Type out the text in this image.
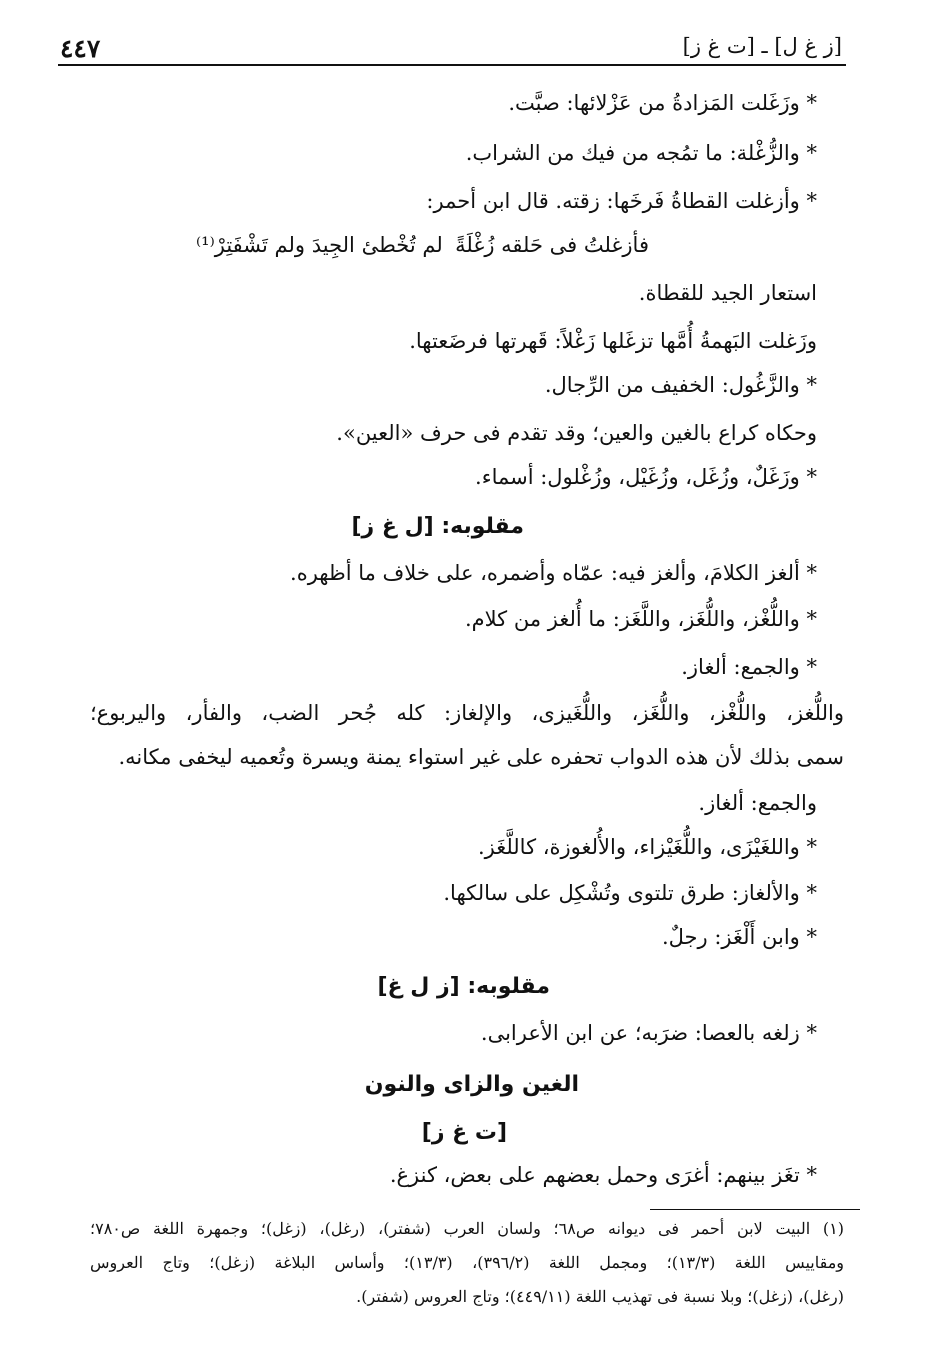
٤٤٧	[ز غ ل] ـ [ت غ ز]
* وزَغَلت المَزادةُ من عَزْلائها: صبَّت.
* والزُّغْلة: ما تمُجه من فيك من الشراب.
* وأزغلت القطاةُ فَرخَها: زقته. قال ابن أحمر:
فأزغلتُ فى حَلقه زُغْلَةً
لم تُخْطئ الجِيدَ ولم تَشْفَتِرْ⁽¹⁾
استعار الجيد للقطاة.
وزَغلت البَهمةُ أُمَّها تزغَلها زَغْلاً: قَهرتها فرضَعتها.
* والزَّغُول: الخفيف من الرِّجال.
وحكاه كراع بالغين والعين؛ وقد تقدم فى حرف «العين».
* وزَغَلٌ، وزُغَل، وزُغَيْل، وزُغْلول: أسماء.
مقلوبه: [ل غ ز]
* ألغز الكلامَ، وألغز فيه: عمّاه وأضمره، على خلاف ما أظهره.
* واللُّغْز، واللُّغَز، واللَّغَز: ما أُلغز من كلام.
* والجمع: ألغاز.
واللُّغز، واللُّغْز، واللُّغَز، واللُّغَيزى، والإلغاز: كله جُحر الضب، والفأر، واليربوع؛
سمى بذلك لأن هذه الدواب تحفره على غير استواء يمنة ويسرة وتُعميه ليخفى مكانه.
والجمع: ألغاز.
* واللغَيْزَى، واللُّغَيْزاء، والأُلغوزة، كاللَّغَز.
* والألغاز: طرق تلتوى وتُشْكِل على سالكها.
* وابن أَلْغَز: رجلٌ.
مقلوبه: [ز ل غ]
* زلغه بالعصا: ضرَبه؛ عن ابن الأعرابى.
الغين والزاى والنون
[ت غ ز]
* تغَز بينهم: أغرَى وحمل بعضهم على بعض، كنزغ.
(١) البيت لابن أحمر فى ديوانه ص٦٨؛ ولسان العرب (شفتر)، (رغل)، (زغل)؛ وجمهرة اللغة ص٧٨٠؛
ومقاييس اللغة (١٣/٣)؛ ومجمل اللغة (٣٩٦/٢)، (١٣/٣)؛ وأساس البلاغة (زغل)؛ وتاج العروس
(رغل)، (زغل)؛ وبلا نسبة فى تهذيب اللغة (٤٤٩/١١)؛ وتاج العروس (شفتر).
